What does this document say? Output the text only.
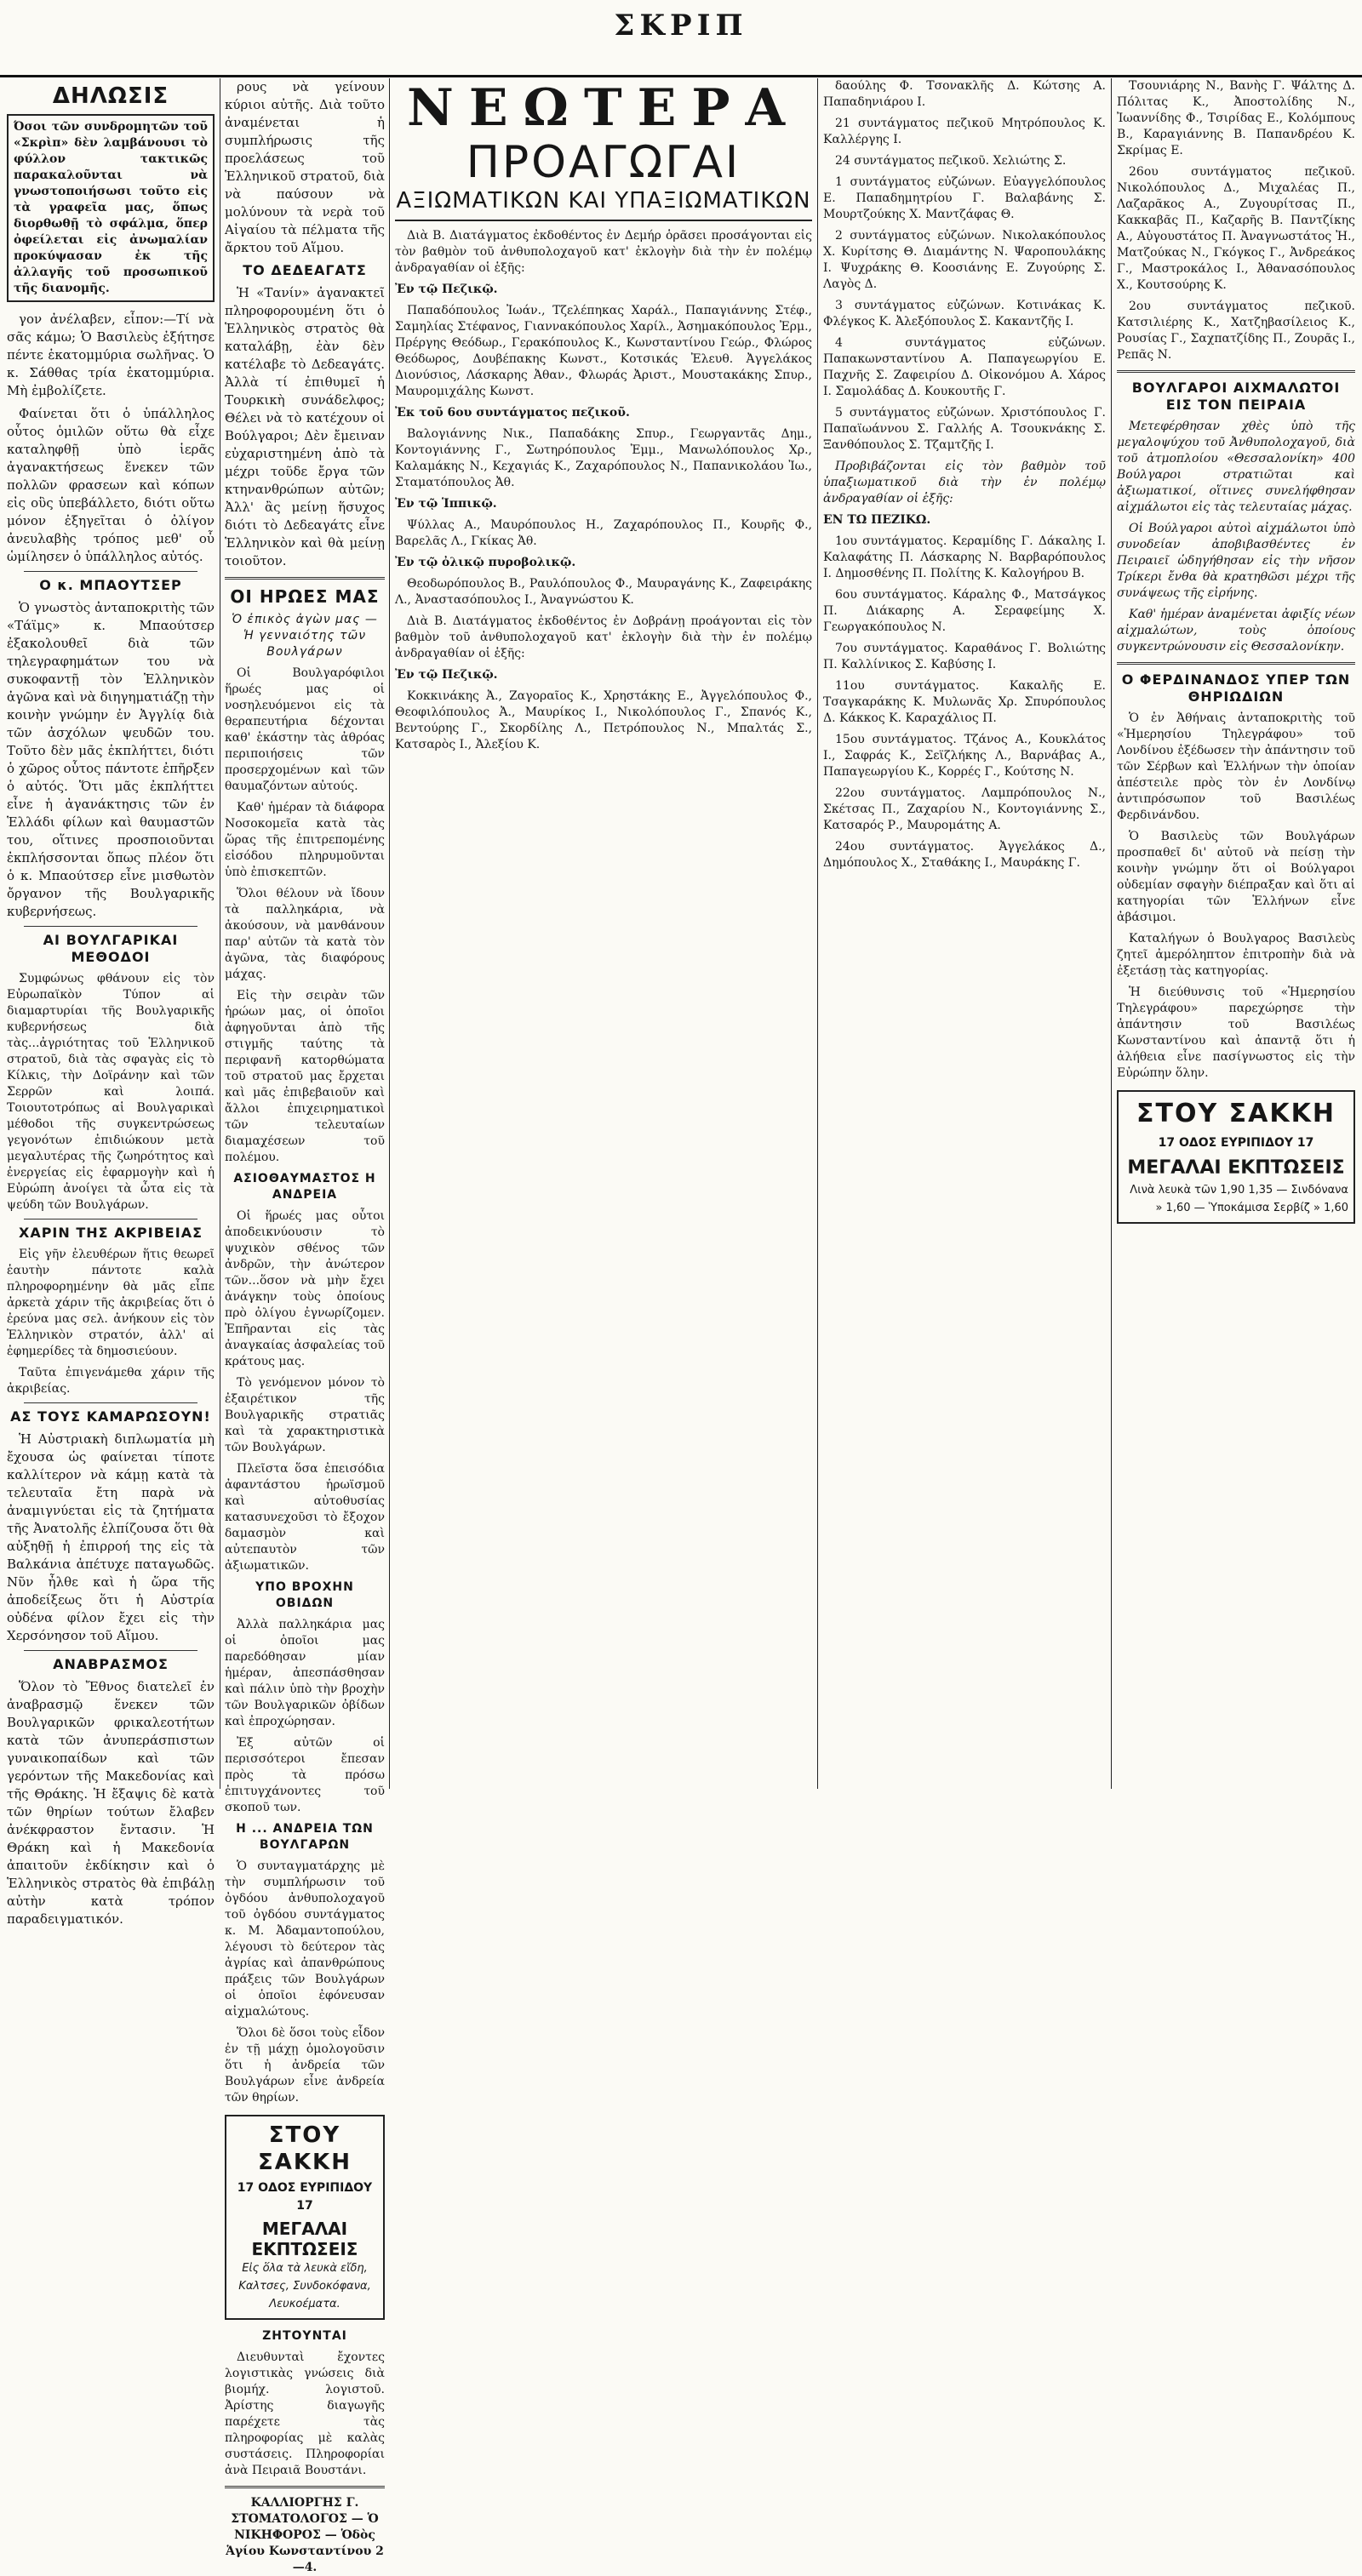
ΣΚΡΙΠ
ΔΗΛΩΣΙΣ
Όσοι τῶν συνδρομητῶν τοῦ «Σκρὶπ» δὲν λαμβάνουσι τὸ φύλλον τακτικῶς παρακαλοῦνται νὰ γνωστοποιήσωσι τοῦτο εἰς τὰ γραφεῖα μας, ὅπως διορθωθῇ τὸ σφάλμα, ὅπερ ὀφείλεται εἰς ἀνωμαλίαν προκύψασαν ἐκ τῆς ἀλλαγῆς τοῦ προσωπικοῦ τῆς διανομῆς.

γον ἀνέλαβεν, εἶπον:—Τί νὰ σᾶς κάμω; Ὁ Βασιλεὺς ἐξήτησε πέντε ἑκατομμύρια σωλῆνας. Ὁ κ. Σάθθας τρία ἑκατομμύρια. Μὴ ἐμβολίζετε.

Φαίνεται ὅτι ὁ ὑπάλληλος οὗτος ὁμιλῶν οὕτω θὰ εἶχε καταληφθῇ ὑπὸ ἱερᾶς ἀγανακτήσεως ἕνεκεν τῶν πολλῶν φρασεων καὶ κόπων εἰς οὓς ὑπεβάλλετο, διότι οὕτω μόνον ἐξηγεῖται ὁ ὀλίγον ἀνευλαβὴς τρόπος μεθ' οὗ ὡμίλησεν ὁ ὑπάλληλος αὐτός.

Ο κ. ΜΠΑΟΥΤΣΕΡ

Ὁ γνωστὸς ἀνταποκριτὴς τῶν «Τάϊμς» κ. Μπαούτσερ ἐξακολουθεῖ διὰ τῶν τηλεγραφημάτων του νὰ συκοφαντῇ τὸν Ἑλληνικὸν ἀγῶνα καὶ νὰ διηγηματιάζῃ τὴν κοινὴν γνώμην ἐν Ἀγγλίᾳ διὰ τῶν ἀσχόλων ψευδῶν του. Τοῦτο δὲν μᾶς ἐκπλήττει, διότι ὁ χῶρος οὗτος πάντοτε ἐπῆρξεν ὁ αὐτός. Ὅτι μᾶς ἐκπλήττει εἶνε ἡ ἀγανάκτησις τῶν ἐν Ἑλλάδι φίλων καὶ θαυμαστῶν του, οἵτινες προσποιοῦνται ἐκπλήσσονται ὅπως πλέον ὅτι ὁ κ. Μπαούτσερ εἶνε μισθωτὸν ὄργανον τῆς Βουλγαρικῆς κυβερνήσεως.

ΑΙ ΒΟΥΛΓΑΡΙΚΑΙ ΜΕΘΟΔΟΙ

Συμφώνως φθάνουν εἰς τὸν Εὐρωπαϊκὸν Τύπον αἱ διαμαρτυρίαι τῆς Βουλγαρικῆς κυβερνήσεως διὰ τὰς...ἀγριότητας τοῦ Ἑλληνικοῦ στρατοῦ, διὰ τὰς σφαγὰς εἰς τὸ Κίλκις, τὴν Δοϊράνην καὶ τῶν Σερρῶν καὶ λοιπά. Τοιουτοτρόπως αἱ Βουλγαρικαὶ μέθοδοι τῆς συγκεντρώσεως γεγονότων ἐπιδιώκουν μετὰ μεγαλυτέρας τῆς ζωηρότητος καὶ ἐνεργείας εἰς ἐφαρμογὴν καὶ ἡ Εὐρώπη ἀνοίγει τὰ ὦτα εἰς τὰ ψεύδη τῶν Βουλγάρων.

ΧΑΡΙΝ ΤΗΣ ΑΚΡΙΒΕΙΑΣ

Εἰς γῆν ἐλευθέρων ἥτις θεωρεῖ ἑαυτὴν πάντοτε καλὰ πληροφορημένην θὰ μᾶς εἶπε ἀρκετὰ χάριν τῆς ἀκριβείας ὅτι ὁ ἐρεύνα μας σελ. ἀνήκουν εἰς τὸν Ἑλληνικὸν στρατόν, ἀλλ' αἱ ἐφημερίδες τὰ δημοσιεύουν.

Ταῦτα ἐπιγενάμεθα χάριν τῆς ἀκριβείας.

ΑΣ ΤΟΥΣ ΚΑΜΑΡΩΣΟΥΝ!

Ἡ Αὐστριακὴ διπλωματία μὴ ἔχουσα ὡς φαίνεται τίποτε καλλίτερον νὰ κάμῃ κατὰ τὰ τελευταῖα ἔτη παρὰ νὰ ἀναμιγνύεται εἰς τὰ ζητήματα τῆς Ἀνατολῆς ἐλπίζουσα ὅτι θὰ αὐξηθῇ ἡ ἐπιρροή της εἰς τὰ Βαλκάνια ἀπέτυχε παταγωδῶς. Νῦν ἦλθε καὶ ἡ ὥρα τῆς ἀποδείξεως ὅτι ἡ Αὐστρία οὐδένα φίλον ἔχει εἰς τὴν Χερσόνησον τοῦ Αἵμου.

ΑΝΑΒΡΑΣΜΟΣ

Ὅλον τὸ Ἔθνος διατελεῖ ἐν ἀναβρασμῷ ἕνεκεν τῶν Βουλγαρικῶν φρικαλεοτήτων κατὰ τῶν ἀνυπεράσπιστων γυναικοπαίδων καὶ τῶν γερόντων τῆς Μακεδονίας καὶ τῆς Θράκης. Ἡ ἔξαψις δὲ κατὰ τῶν θηρίων τούτων ἔλαβεν ἀνέκφραστον ἔντασιν. Ἡ Θράκη καὶ ἡ Μακεδονία ἀπαιτοῦν ἐκδίκησιν καὶ ὁ Ἑλληνικὸς στρατὸς θὰ ἐπιβάλῃ αὐτὴν κατὰ τρόπον παραδειγματικόν.

ρους νὰ γείνουν κύριοι αὐτῆς. Διὰ τοῦτο ἀναμένεται ἡ συμπλήρωσις τῆς προελάσεως τοῦ Ἑλληνικοῦ στρατοῦ, διὰ νὰ παύσουν νὰ μολύνουν τὰ νερὰ τοῦ Αἰγαίου τὰ πέλματα τῆς ἄρκτου τοῦ Αἵμου.

ΤΟ ΔΕΔΕΑΓΑΤΣ

Ἡ «Τανίν» ἀγανακτεῖ πληροφορουμένη ὅτι ὁ Ἑλληνικὸς στρατὸς θὰ καταλάβῃ, ἐὰν δὲν κατέλαβε τὸ Δεδεαγάτς. Ἀλλὰ τί ἐπιθυμεῖ ἡ Τουρκικὴ συνάδελφος; Θέλει νὰ τὸ κατέχουν οἱ Βούλγαροι; Δὲν ἔμειναν εὐχαριστημένη ἀπὸ τὰ μέχρι τοῦδε ἔργα τῶν κτηνανθρώπων αὐτῶν; Ἀλλ' ἂς μείνῃ ἥσυχος διότι τὸ Δεδεαγάτς εἶνε Ἑλληνικὸν καὶ θὰ μείνῃ τοιοῦτον.

ΟΙ ΗΡΩΕΣ ΜΑΣ
Ὁ ἐπικὸς ἀγὼν μας — Ἡ γενναιότης τῶν Βουλγάρων

Οἱ Βουλγαρόφιλοι ἥρωές μας οἱ νοσηλευόμενοι εἰς τὰ θεραπευτήρια δέχονται καθ' ἑκάστην τὰς ἀθρόας περιποιήσεις τῶν προσερχομένων καὶ τῶν θαυμαζόντων αὐτούς.

Καθ' ἡμέραν τὰ διάφορα Νοσοκομεῖα κατὰ τὰς ὥρας τῆς ἐπιτρεπομένης εἰσόδου πληρυμοῦνται ὑπὸ ἐπισκεπτῶν.

Ὅλοι θέλουν νὰ ἴδουν τὰ παλληκάρια, νὰ ἀκούσουν, νὰ μανθάνουν παρ' αὐτῶν τὰ κατὰ τὸν ἀγῶνα, τὰς διαφόρους μάχας.

Εἰς τὴν σειρὰν τῶν ἡρώων μας, οἱ ὁποῖοι ἀφηγοῦνται ἀπὸ τῆς στιγμῆς ταύτης τὰ περιφανῆ κατορθώματα τοῦ στρατοῦ μας ἔρχεται καὶ μᾶς ἐπιβεβαιοῦν καὶ ἄλλοι ἐπιχειρηματικοὶ τῶν τελευταίων διαμαχέσεων τοῦ πολέμου.

ΑΣΙΟΘΑΥΜΑΣΤΟΣ Η ΑΝΔΡΕΙΑ

Οἱ ἥρωές μας οὗτοι ἀποδεικνύουσιν τὸ ψυχικὸν σθένος τῶν ἀνδρῶν, τὴν ἀνώτερον τῶν...ὅσον νὰ μὴν ἔχει ἀνάγκην τοὺς ὁποίους πρὸ ὀλίγου ἐγνωρίζομεν. Ἐπῆρανται εἰς τὰς ἀναγκαίας ἀσφαλείας τοῦ κράτους μας.

Τὸ γενόμενον μόνον τὸ ἐξαιρέτικον τῆς Βουλγαρικῆς στρατιᾶς καὶ τὰ χαρακτηριστικὰ τῶν Βουλγάρων.

Πλεῖστα ὅσα ἐπεισόδια ἀφαντάστου ἡρωϊσμοῦ καὶ αὐτοθυσίας κατασυνεχοῦσι τὸ ἔξοχον δαμασμὸν καὶ αὐτεπαυτὸν τῶν ἀξιωματικῶν.

ΥΠΟ ΒΡΟΧΗΝ ΟΒΙΔΩΝ

Ἀλλὰ παλληκάρια μας οἱ ὁποῖοι μας παρεδόθησαν μίαν ἡμέραν, ἀπεσπάσθησαν καὶ πάλιν ὑπὸ τὴν βροχὴν τῶν Βουλγαρικῶν ὀβίδων καὶ ἐπροχώρησαν.

Ἐξ αὐτῶν οἱ περισσότεροι ἔπεσαν πρὸς τὰ πρόσω ἐπιτυγχάνοντες τοῦ σκοποῦ των.

Η ... ΑΝΔΡΕΙΑ ΤΩΝ ΒΟΥΛΓΑΡΩΝ

Ὁ συνταγματάρχης μὲ τὴν συμπλήρωσιν τοῦ ὀγδόου ἀνθυπολοχαγοῦ τοῦ ὀγδόου συντάγματος κ. Μ. Ἀδαμαντοπούλου, λέγουσι τὸ δεύτερον τὰς ἀγρίας καὶ ἀπανθρώπους πράξεις τῶν Βουλγάρων οἱ ὁποῖοι ἐφόνευσαν αἰχμαλώτους.

Ὅλοι δὲ ὅσοι τοὺς εἶδον ἐν τῇ μάχῃ ὁμολογοῦσιν ὅτι ἡ ἀνδρεία τῶν Βουλγάρων εἶνε ἀνδρεία τῶν θηρίων.

ΣΤΟΥ ΣΑΚΚΗ
17 ΟΔΟΣ ΕΥΡΙΠΙΔΟΥ 17
ΜΕΓΑΛΑΙ ΕΚΠΤΩΣΕΙΣ
Εἰς ὅλα τὰ λευκὰ εἴδη, Καλτσες, Συνδοκόφανα, Λευκοέματα.
ΖΗΤΟΥΝΤΑΙ

Διευθυνταὶ ἔχοντες λογιστικὰς γνώσεις διὰ βιομήχ. λογιστοῦ. Ἀρίστης διαγωγῆς παρέχετε τὰς πληροφορίας μὲ καλὰς συστάσεις. Πληροφορίαι ἀνὰ Πειραιᾶ Βουστάνι.

ΚΑΛΛΙΟΡΓΗΣ Γ. ΣΤΟΜΑΤΟΛΟΓΟΣ — Ὁ ΝΙΚΗΦΟΡΟΣ — Ὁδὸς Ἁγίου Κωνσταντίνου 2—4.

ΝΕΩΤΕΡΑ
ΠΡΟΑΓΩΓΑΙ
ΑΞΙΩΜΑΤΙΚΩΝ ΚΑΙ ΥΠΑΞΙΩΜΑΤΙΚΩΝ

Διὰ Β. Διατάγματος ἐκδοθέντος ἐν Δεμήρ ὁρᾶσει προσάγονται εἰς τὸν βαθμὸν τοῦ ἀνθυπολοχαγοῦ κατ' ἐκλογὴν διὰ τὴν ἐν πολέμῳ ἀνδραγαθίαν οἱ ἑξῆς:

Ἐν τῷ Πεζικῷ.

Παπαδόπουλος Ἰωάν., Τζελέπηκας Χαράλ., Παπαγιάννης Στέφ., Σαμηλίας Στέφανος, Γιαννακόπουλος Χαρίλ., Ἀσημακόπουλος Ἐρμ., Πρέργης Θεόδωρ., Γερακόπουλος Κ., Κωνσταντίνου Γεώρ., Φλώρος Θεόδωρος, Δουβέπακης Κωνστ., Κοτσικάς Ἐλευθ. Ἀγγελάκος Διονύσιος, Λάσκαρης Ἀθαν., Φλωράς Ἀριστ., Μουστακάκης Σπυρ., Μαυρομιχάλης Κωνστ.

Ἐκ τοῦ 6ου συντάγματος πεζικοῦ.

Βαλογιάννης Νικ., Παπαδάκης Σπυρ., Γεωργαντᾶς Δημ., Κοντογιάννης Γ., Σωτηρόπουλος Ἐμμ., Μανωλόπουλος Χρ., Καλαμάκης Ν., Κεχαγιάς Κ., Ζαχαρόπουλος Ν., Παπανικολάου Ἰω., Σταματόπουλος Ἀθ.

Ἐν τῷ Ἱππικῷ.

Ψύλλας Α., Μαυρόπουλος Η., Ζαχαρόπουλος Π., Κουρῆς Φ., Βαρελᾶς Λ., Γκίκας Ἀθ.

Ἐν τῷ ὀλικῷ πυροβολικῷ.

Θεοδωρόπουλος Β., Ραυλόπουλος Φ., Μαυραγάνης Κ., Ζαφειράκης Λ., Ἀναστασόπουλος Ι., Ἀναγνώστου Κ.

Διὰ Β. Διατάγματος ἐκδοθέντος ἐν Δοβράνῃ προάγονται εἰς τὸν βαθμὸν τοῦ ἀνθυπολοχαγοῦ κατ' ἐκλογὴν διὰ τὴν ἐν πολέμῳ ἀνδραγαθίαν οἱ ἑξῆς:

Ἐν τῷ Πεζικῷ.

Κοκκινάκης Ἀ., Ζαγοραῖος Κ., Χρηστάκης Ε., Ἀγγελόπουλος Φ., Θεοφιλόπουλος Ἀ., Μαυρίκος Ι., Νικολόπουλος Γ., Σπανός Κ., Βεντούρης Γ., Σκορδίλης Λ., Πετρόπουλος Ν., Μπαλτάς Σ., Κατσαρὸς Ι., Ἀλεξίου Κ.

δαούλης Φ. Τσονακλῆς Δ. Κώτσης Α. Παπαδηνιάρου Ι.

21 συντάγματος πεζικοῦ Μητρόπουλος Κ. Καλλέργης Ι.

24 συντάγματος πεζικοῦ. Χελιώτης Σ.

1 συντάγματος εὐζώνων. Εὐαγγελόπουλος Ε. Παπαδημητρίου Γ. Βαλαβάνης Σ. Μουρτζούκης Χ. Μαντζάφας Θ.

2 συντάγματος εὐζώνων. Νικολακόπουλος Χ. Κυρίτσης Θ. Διαμάντης Ν. Ψαροπουλάκης Ι. Ψυχράκης Θ. Κοοσιάνης Ε. Ζυγούρης Σ. Λαγὸς Δ.

3 συντάγματος εὐζώνων. Κοτινάκας Κ. Φλέγκος Κ. Ἀλεξόπουλος Σ. Κακαντζῆς Ι.

4 συντάγματος εὐζώνων. Παπακωνσταντίνου Α. Παπαγεωργίου Ε. Παχνῆς Σ. Ζαφειρίου Δ. Οἰκονόμου Α. Χάρος Ι. Σαμολάδας Δ. Κουκουτῆς Γ.

5 συντάγματος εὐζώνων. Χριστόπουλος Γ. Παπαϊωάννου Σ. Γαλλής Α. Τσουκνάκης Σ. Ξανθόπουλος Σ. Τζαμτζῆς Ι.

Προβιβάζονται εἰς τὸν βαθμὸν τοῦ ὑπαξιωματικοῦ διὰ τὴν ἐν πολέμῳ ἀνδραγαθίαν οἱ ἑξῆς:

ΕΝ ΤΩ ΠΕΖΙΚΩ.

1ου συντάγματος. Κεραμίδης Γ. Δάκαλης Ι. Καλαφάτης Π. Λάσκαρης Ν. Βαρβαρόπουλος Ι. Δημοσθένης Π. Πολίτης Κ. Καλογήρου Β.

6ου συντάγματος. Κάραλης Φ., Ματσάγκος Π. Διάκαρης Α. Σεραφείμης Χ. Γεωργακόπουλος Ν.

7ου συντάγματος. Καραθάνος Γ. Βολιώτης Π. Καλλίνικος Σ. Καβύσης Ι.

11ου συντάγματος. Κακαλῆς Ε. Τσαγκαράκης Κ. Μυλωνᾶς Χρ. Σπυρόπουλος Δ. Κάκκος Κ. Καραχάλιος Π.

15ου συντάγματος. Τζάνος Α., Κουκλάτος Ι., Σαφράς Κ., Σεϊζλήκης Λ., Βαρνάβας Α., Παπαγεωργίου Κ., Κορρές Γ., Κούτσης Ν.

22ου συντάγματος. Λαμπρόπουλος Ν., Σκέτσας Π., Ζαχαρίου Ν., Κοντογιάννης Σ., Κατσαρός Ρ., Μαυρομάτης Α.

24ου συντάγματος. Ἀγγελάκος Δ., Δημόπουλος Χ., Σταθάκης Ι., Μαυράκης Γ.

Τσουνιάρης Ν., Βανὴς Γ. Ψάλτης Δ. Πόλιτας Κ., Ἀποστολίδης Ν., Ἰωαννίδης Φ., Τσιρίδας Ε., Κολόμπους Β., Καραγιάννης Β. Παπανδρέου Κ. Σκρίμας Ε.

26ου συντάγματος πεζικοῦ. Νικολόπουλος Δ., Μιχαλέας Π., Λαζαρᾶκος Α., Ζυγουρίτσας Π., Κακκαβᾶς Π., Καζαρῆς Β. Παντζίκης Α., Αὐγουστάτος Π. Ἀναγνωστάτος Ἠ., Ματζούκας Ν., Γκόγκος Γ., Ἀνδρεάκος Γ., Μαστροκάλος Ι., Ἀθανασόπουλος Χ., Κουτσούρης Κ.

2ου συντάγματος πεζικοῦ. Κατσιλιέρης Κ., Χατζηβασίλειος Κ., Ρουσίας Γ., Σαχπατζίδης Π., Ζουρᾶς Ι., Ρεπᾶς Ν.

ΒΟΥΛΓΑΡΟΙ ΑΙΧΜΑΛΩΤΟΙ ΕΙΣ ΤΟΝ ΠΕΙΡΑΙΑ

Μετεφέρθησαν χθὲς ὑπὸ τῆς μεγαλοψύχου τοῦ Ἀνθυπολοχαγοῦ, διὰ τοῦ ἀτμοπλοίου «Θεσσαλονίκη» 400 Βούλγαροι στρατιῶται καὶ ἀξιωματικοί, οἵτινες συνελήφθησαν αἰχμάλωτοι εἰς τὰς τελευταίας μάχας.

Οἱ Βούλγαροι αὐτοὶ αἰχμάλωτοι ὑπὸ συνοδείαν ἀποβιβασθέντες ἐν Πειραιεῖ ὡδηγήθησαν εἰς τὴν νῆσον Τρίκερι ἔνθα θὰ κρατηθῶσι μέχρι τῆς συνάψεως τῆς εἰρήνης.

Καθ' ἡμέραν ἀναμένεται ἀφιξίς νέων αἰχμαλώτων, τοὺς ὁποίους συγκεντρώνουσιν εἰς Θεσσαλονίκην.

Ο ΦΕΡΔΙΝΑΝΔΟΣ ΥΠΕΡ ΤΩΝ ΘΗΡΙΩΔΙΩΝ

Ὁ ἐν Ἀθήναις ἀνταποκριτὴς τοῦ «Ἡμερησίου Τηλεγράφου» τοῦ Λονδίνου ἐξέδωσεν τὴν ἀπάντησιν τοῦ τῶν Σέρβων καὶ Ἑλλήνων τὴν ὁποίαν ἀπέστειλε πρὸς τὸν ἐν Λονδίνῳ ἀντιπρόσωπον τοῦ Βασιλέως Φερδινάνδου.

Ὁ Βασιλεὺς τῶν Βουλγάρων προσπαθεῖ δι' αὐτοῦ νὰ πείσῃ τὴν κοινὴν γνώμην ὅτι οἱ Βούλγαροι οὐδεμίαν σφαγὴν διέπραξαν καὶ ὅτι αἱ κατηγορίαι τῶν Ἑλλήνων εἶνε ἀβάσιμοι.

Καταλήγων ὁ Βουλγαρος Βασιλεὺς ζητεῖ ἀμερόληπτον ἐπιτροπὴν διὰ νὰ ἐξετάσῃ τὰς κατηγορίας.

Ἡ διεύθυνσις τοῦ «Ἡμερησίου Τηλεγράφου» παρεχώρησε τὴν ἀπάντησιν τοῦ Βασιλέως Κωνσταντίνου καὶ ἀπαντᾷ ὅτι ἡ ἀλήθεια εἶνε πασίγνωστος εἰς τὴν Εὐρώπην ὅλην.

ΣΤΟΥ ΣΑΚΚΗ
17 ΟΔΟΣ ΕΥΡΙΠΙΔΟΥ 17
ΜΕΓΑΛΑΙ ΕΚΠΤΩΣΕΙΣ
Λινὰ λευκὰ τῶν 1,90 1,35 — Σινδόνανα » 1,60 — Ὑποκάμισα Σερβίζ » 1,60
